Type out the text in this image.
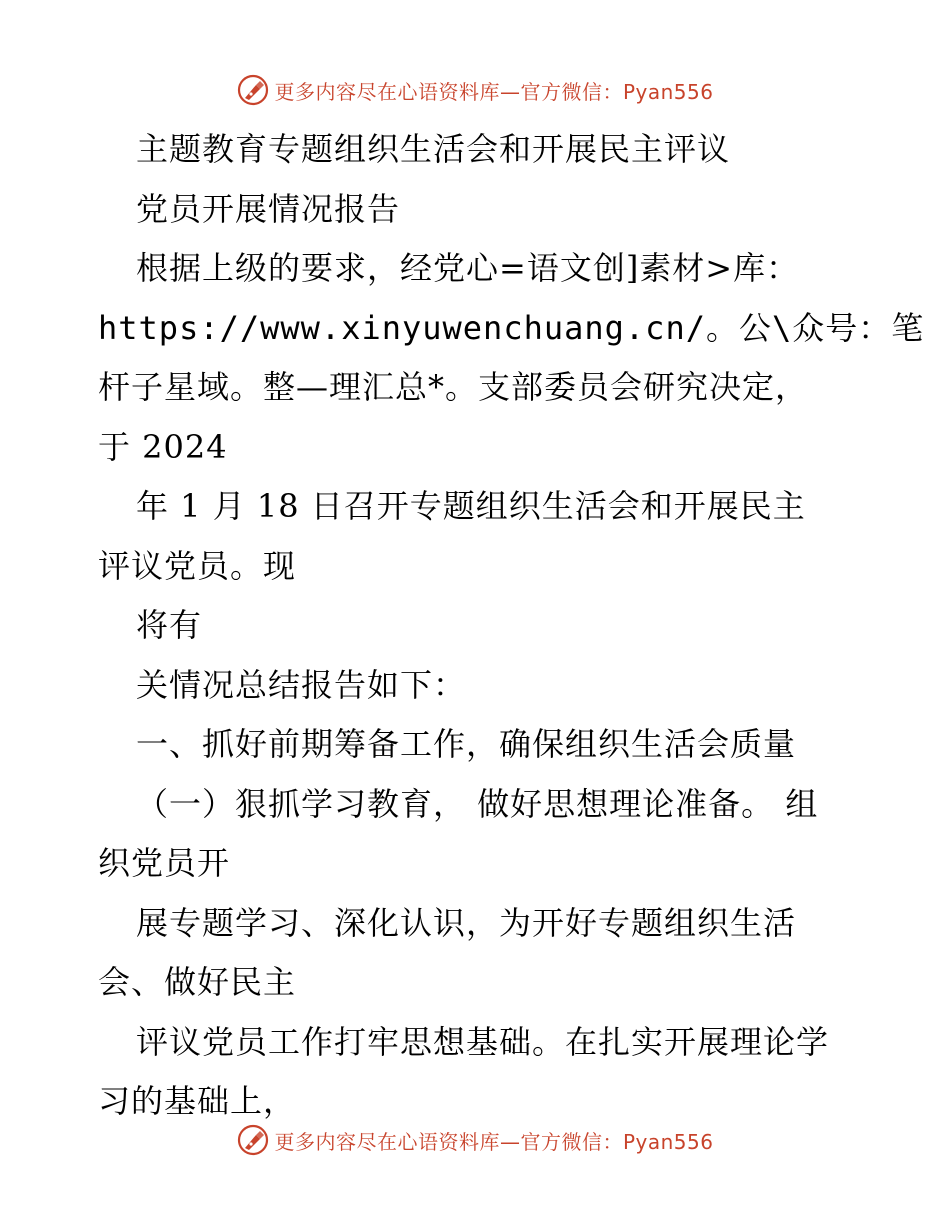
更多内容尽在心语资料库—官方微信：Pyan556
主题教育专题组织生活会和开展民主评议
党员开展情况报告
根据上级的要求，经党心=语文创]素材>库：
https://www.xinyuwenchuang.cn/。公\众号：笔
杆子星域。整—理汇总*。支部委员会研究决定，
于 2024
年 1 月 18 日召开专题组织生活会和开展民主
评议党员。现
将有
关情况总结报告如下：
一、抓好前期筹备工作，确保组织生活会质量
（一）狠抓学习教育， 做好思想理论准备。 组
织党员开
展专题学习、深化认识，为开好专题组织生活
会、做好民主
评议党员工作打牢思想基础。在扎实开展理论学
习的基础上，
更多内容尽在心语资料库—官方微信：Pyan556
